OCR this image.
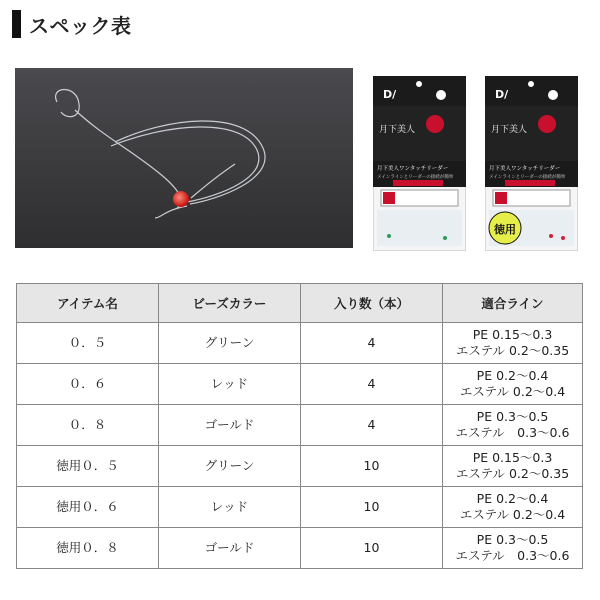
スペック表
D/
月下美人
月下美人ワンタッチリーダー
メインラインとリーダーの接続が簡単
D/
月下美人
月下美人ワンタッチリーダー
メインラインとリーダーの接続が簡単
徳用
アイテム名	ビーズカラー	入り数（本）	適合ライン
０．５	グリーン	4	PE 0.15〜0.3
エステル 0.2〜0.35

０．６	レッド	4	PE 0.2〜0.4
エステル 0.2〜0.4

０．８	ゴールド	4	PE 0.3〜0.5
エステル　0.3〜0.6

徳用０．５	グリーン	10	PE 0.15〜0.3
エステル 0.2〜0.35

徳用０．６	レッド	10	PE 0.2〜0.4
エステル 0.2〜0.4

徳用０．８	ゴールド	10	PE 0.3〜0.5
エステル　0.3〜0.6
